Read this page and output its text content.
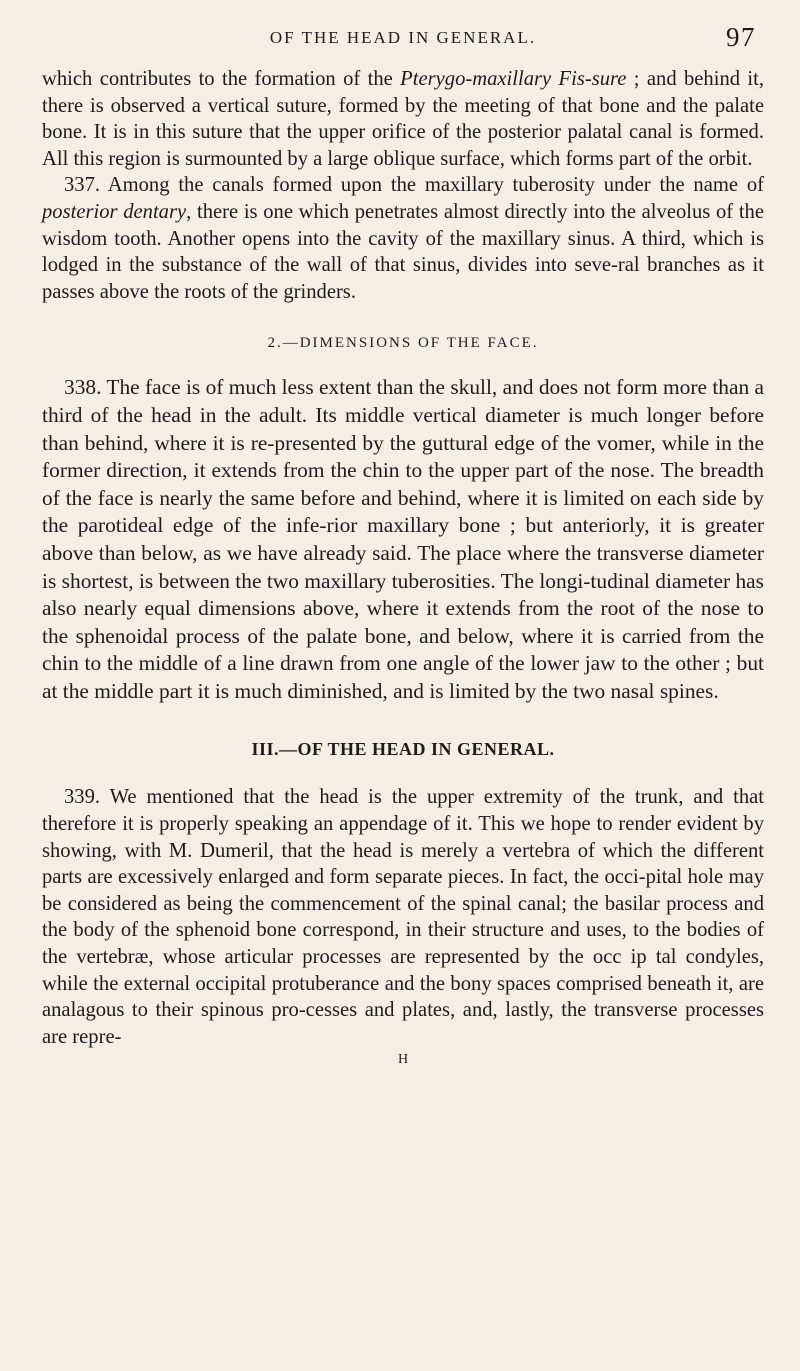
OF THE HEAD IN GENERAL.	97

which contributes to the formation of the Pterygo-maxillary Fis-sure ; and behind it, there is observed a vertical suture, formed by the meeting of that bone and the palate bone. It is in this suture that the upper orifice of the posterior palatal canal is formed. All this region is surmounted by a large oblique surface, which forms part of the orbit.

337. Among the canals formed upon the maxillary tuberosity under the name of posterior dentary, there is one which penetrates almost directly into the alveolus of the wisdom tooth. Another opens into the cavity of the maxillary sinus. A third, which is lodged in the substance of the wall of that sinus, divides into seve-ral branches as it passes above the roots of the grinders.

2.—DIMENSIONS OF THE FACE.

338. The face is of much less extent than the skull, and does not form more than a third of the head in the adult. Its middle vertical diameter is much longer before than behind, where it is re-presented by the guttural edge of the vomer, while in the former direction, it extends from the chin to the upper part of the nose. The breadth of the face is nearly the same before and behind, where it is limited on each side by the parotideal edge of the infe-rior maxillary bone ; but anteriorly, it is greater above than below, as we have already said. The place where the transverse diameter is shortest, is between the two maxillary tuberosities. The longi-tudinal diameter has also nearly equal dimensions above, where it extends from the root of the nose to the sphenoidal process of the palate bone, and below, where it is carried from the chin to the middle of a line drawn from one angle of the lower jaw to the other ; but at the middle part it is much diminished, and is limited by the two nasal spines.

III.—OF THE HEAD IN GENERAL.

339. We mentioned that the head is the upper extremity of the trunk, and that therefore it is properly speaking an appendage of it. This we hope to render evident by showing, with M. Dumeril, that the head is merely a vertebra of which the different parts are excessively enlarged and form separate pieces. In fact, the occi-pital hole may be considered as being the commencement of the spinal canal; the basilar process and the body of the sphenoid bone correspond, in their structure and uses, to the bodies of the vertebræ, whose articular processes are represented by the occ ip tal condyles, while the external occipital protuberance and the bony spaces comprised beneath it, are analagous to their spinous pro-cesses and plates, and, lastly, the transverse processes are repre-

H
